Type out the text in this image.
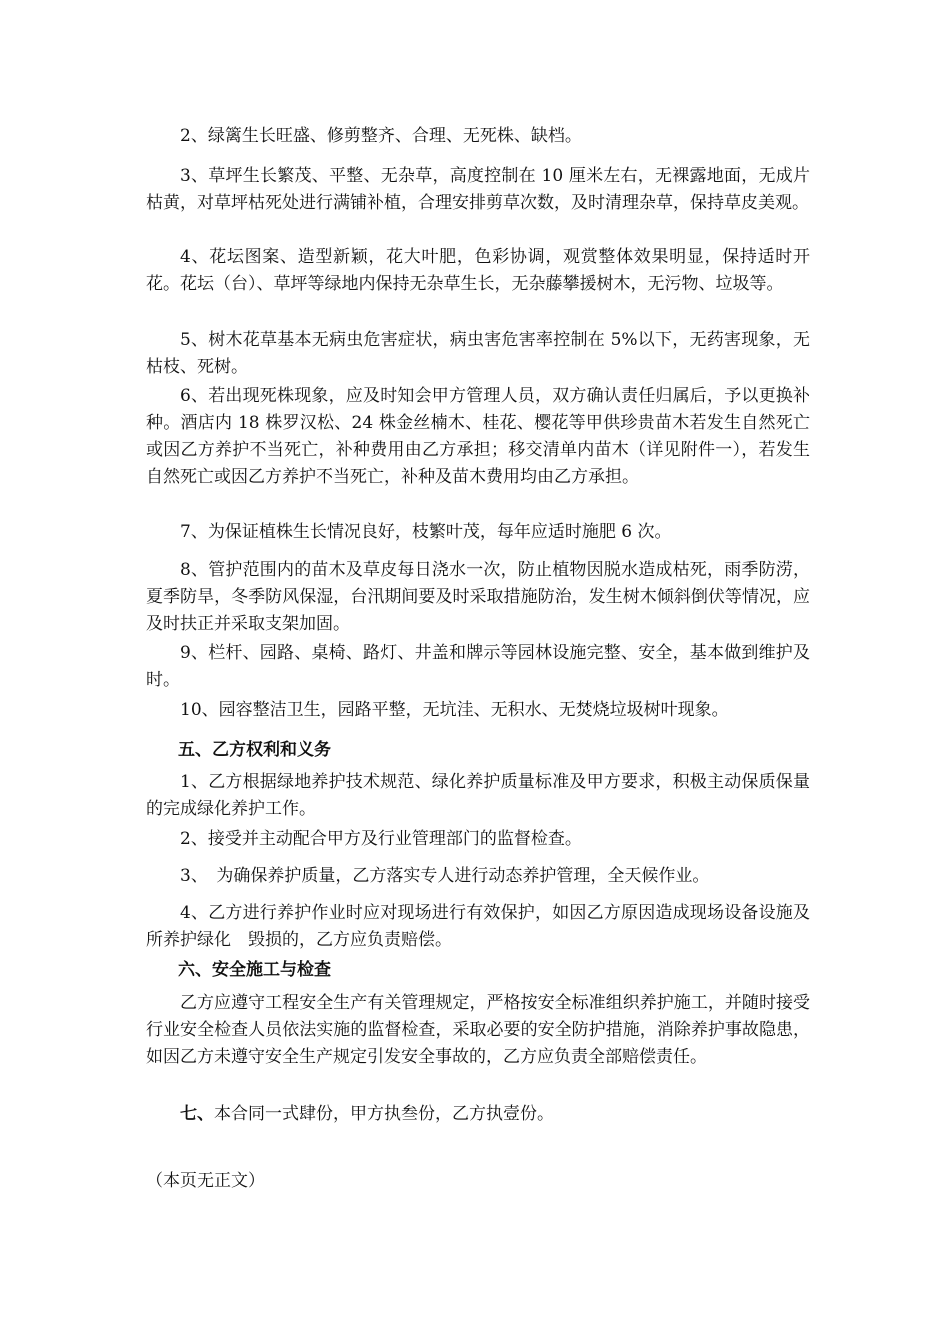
2、绿篱生长旺盛、修剪整齐、合理、无死株、缺档。

3、草坪生长繁茂、平整、无杂草，高度控制在 10 厘米左右，无裸露地面，无成片枯黄，对草坪枯死处进行满铺补植，合理安排剪草次数，及时清理杂草，保持草皮美观。

4、花坛图案、造型新颖，花大叶肥，色彩协调，观赏整体效果明显，保持适时开花。花坛（台）、草坪等绿地内保持无杂草生长，无杂藤攀援树木，无污物、垃圾等。

5、树木花草基本无病虫危害症状，病虫害危害率控制在 5%以下，无药害现象，无枯枝、死树。

6、若出现死株现象，应及时知会甲方管理人员，双方确认责任归属后，予以更换补种。酒店内 18 株罗汉松、24 株金丝楠木、桂花、樱花等甲供珍贵苗木若发生自然死亡或因乙方养护不当死亡，补种费用由乙方承担；移交清单内苗木（详见附件一），若发生自然死亡或因乙方养护不当死亡，补种及苗木费用均由乙方承担。

7、为保证植株生长情况良好，枝繁叶茂，每年应适时施肥 6 次。

8、管护范围内的苗木及草皮每日浇水一次，防止植物因脱水造成枯死，雨季防涝，夏季防旱，冬季防风保湿，台汛期间要及时采取措施防治，发生树木倾斜倒伏等情况，应及时扶正并采取支架加固。

9、栏杆、园路、桌椅、路灯、井盖和牌示等园林设施完整、安全，基本做到维护及时。

10、园容整洁卫生，园路平整，无坑洼、无积水、无焚烧垃圾树叶现象。

五、乙方权利和义务

1、乙方根据绿地养护技术规范、绿化养护质量标准及甲方要求，积极主动保质保量的完成绿化养护工作。

2、接受并主动配合甲方及行业管理部门的监督检查。

3、　为确保养护质量，乙方落实专人进行动态养护管理，全天候作业。

4、乙方进行养护作业时应对现场进行有效保护，如因乙方原因造成现场设备设施及所养护绿化　毁损的，乙方应负责赔偿。

六、安全施工与检查

乙方应遵守工程安全生产有关管理规定，严格按安全标准组织养护施工，并随时接受行业安全检查人员依法实施的监督检查，采取必要的安全防护措施，消除养护事故隐患，如因乙方未遵守安全生产规定引发安全事故的，乙方应负责全部赔偿责任。

七、本合同一式肆份，甲方执叁份，乙方执壹份。

（本页无正文）
